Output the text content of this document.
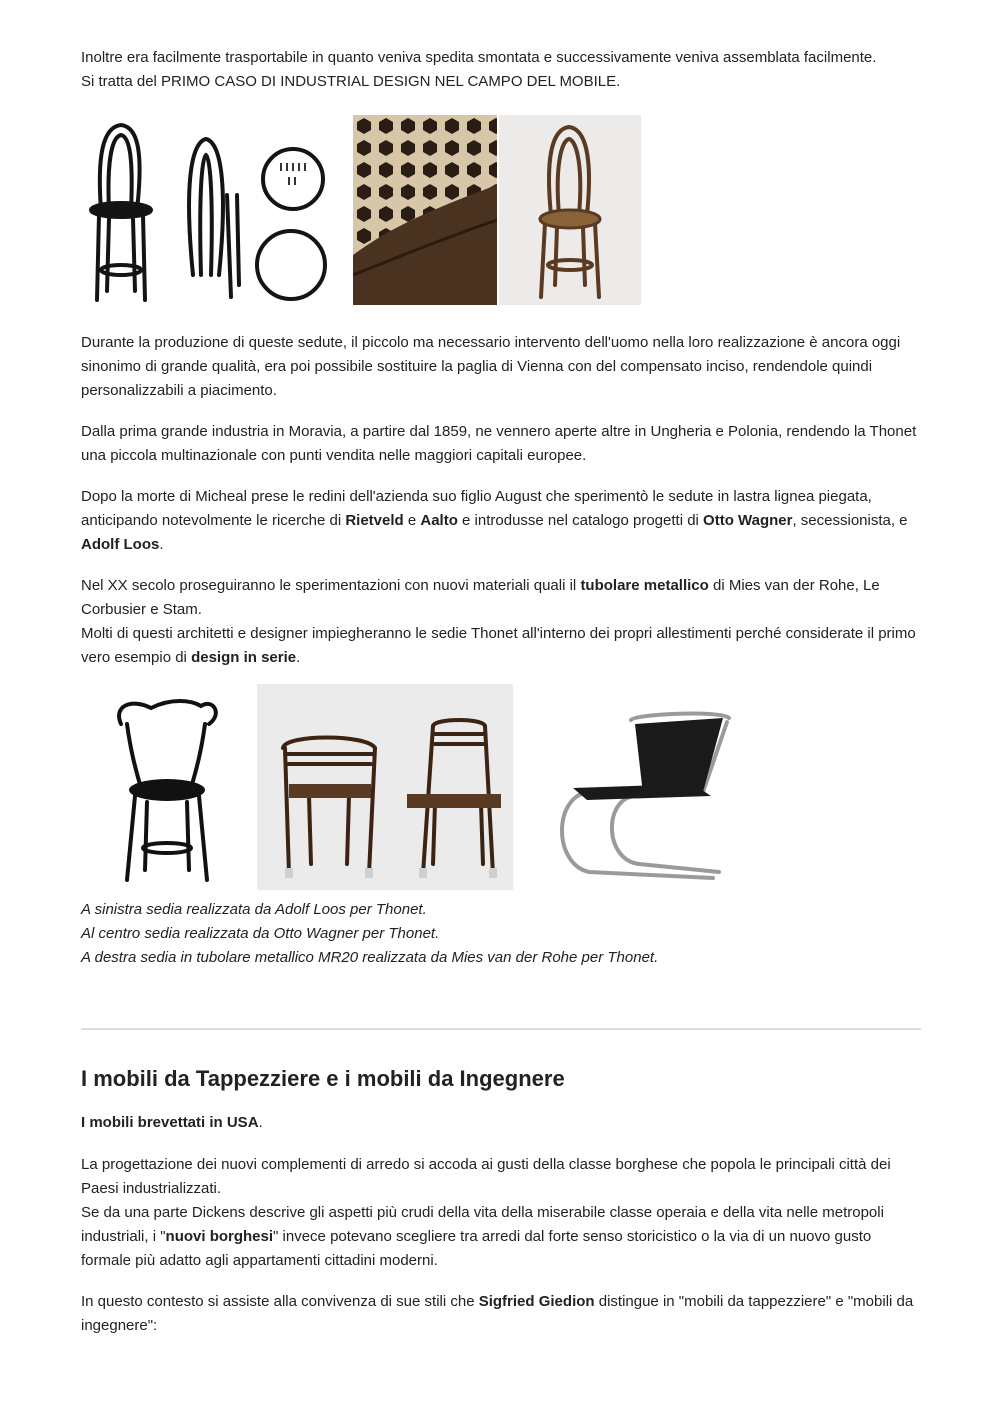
Inoltre era facilmente trasportabile in quanto veniva spedita smontata e successivamente veniva assemblata facilmente.
Si tratta del PRIMO CASO DI INDUSTRIAL DESIGN NEL CAMPO DEL MOBILE.

Durante la produzione di queste sedute, il piccolo ma necessario intervento dell'uomo nella loro realizzazione è ancora oggi sinonimo di grande qualità, era poi possibile sostituire la paglia di Vienna con del compensato inciso, rendendole quindi personalizzabili a piacimento.

Dalla prima grande industria in Moravia, a partire dal 1859, ne vennero aperte altre in Ungheria e Polonia, rendendo la Thonet una piccola multinazionale con punti vendita nelle maggiori capitali europee.

Dopo la morte di Micheal prese le redini dell'azienda suo figlio August che sperimentò le sedute in lastra lignea piegata, anticipando notevolmente le ricerche di Rietveld e Aalto e introdusse nel catalogo progetti di Otto Wagner, secessionista, e Adolf Loos.

Nel XX secolo proseguiranno le sperimentazioni con nuovi materiali quali il tubolare metallico di Mies van der Rohe, Le Corbusier e Stam.
Molti di questi architetti e designer impiegheranno le sedie Thonet all'interno dei propri allestimenti perché considerate il primo vero esempio di design in serie.

A sinistra sedia realizzata da Adolf Loos per Thonet.
Al centro sedia realizzata da Otto Wagner per Thonet.
A destra sedia in tubolare metallico MR20 realizzata da Mies van der Rohe per Thonet.

I mobili da Tappezziere e i mobili da Ingegnere

I mobili brevettati in USA.

La progettazione dei nuovi complementi di arredo si accoda ai gusti della classe borghese che popola le principali città dei Paesi industrializzati.

Se da una parte Dickens descrive gli aspetti più crudi della vita della miserabile classe operaia e della vita nelle metropoli industriali, i "nuovi borghesi" invece potevano scegliere tra arredi dal forte senso storicistico o la via di un nuovo gusto formale più adatto agli appartamenti cittadini moderni.

In questo contesto si assiste alla convivenza di sue stili che Sigfried Giedion distingue in "mobili da tappezziere" e "mobili da ingegnere":
